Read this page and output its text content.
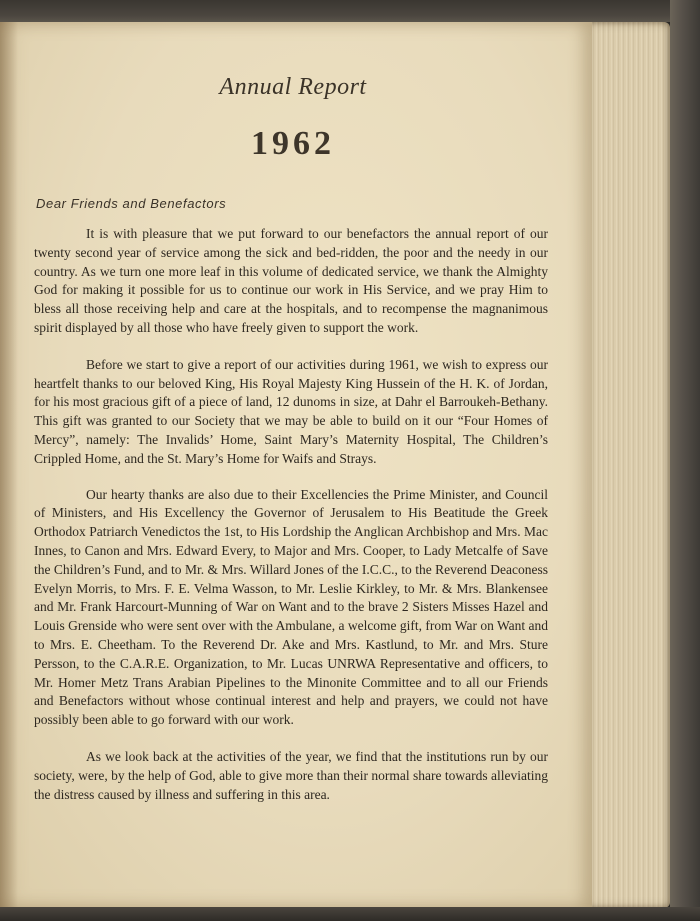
Annual Report
1962
Dear Friends and Benefactors

It is with pleasure that we put forward to our benefactors the annual report of our twenty second year of service among the sick and bed-ridden, the poor and the needy in our country. As we turn one more leaf in this volume of dedicated service, we thank the Almighty God for making it possible for us to continue our work in His Service, and we pray Him to bless all those receiving help and care at the hospitals, and to recompense the magnanimous spirit displayed by all those who have freely given to support the work.

Before we start to give a report of our activities during 1961, we wish to express our heartfelt thanks to our beloved King, His Royal Majesty King Hussein of the H. K. of Jordan, for his most gracious gift of a piece of land, 12 dunoms in size, at Dahr el Barroukeh-Bethany. This gift was granted to our Society that we may be able to build on it our “Four Homes of Mercy”, namely: The Invalids’ Home, Saint Mary’s Maternity Hospital, The Children’s Crippled Home, and the St. Mary’s Home for Waifs and Strays.

Our hearty thanks are also due to their Excellencies the Prime Minister, and Council of Ministers, and His Excellency the Governor of Jerusalem to His Beatitude the Greek Orthodox Patriarch Venedictos the 1st, to His Lordship the Anglican Archbishop and Mrs. Mac Innes, to Canon and Mrs. Edward Every, to Major and Mrs. Cooper, to Lady Metcalfe of Save the Children’s Fund, and to Mr. & Mrs. Willard Jones of the I.C.C., to the Reverend Deaconess Evelyn Morris, to Mrs. F. E. Velma Wasson, to Mr. Leslie Kirkley, to Mr. & Mrs. Blankensee and Mr. Frank Harcourt-Munning of War on Want and to the brave 2 Sisters Misses Hazel and Louis Grenside who were sent over with the Ambulane, a welcome gift, from War on Want and to Mrs. E. Cheetham. To the Reverend Dr. Ake and Mrs. Kastlund, to Mr. and Mrs. Sture Persson, to the C.A.R.E. Organization, to Mr. Lucas UNRWA Representative and officers, to Mr. Homer Metz Trans Arabian Pipelines to the Minonite Committee and to all our Friends and Benefactors without whose continual interest and help and prayers, we could not have possibly been able to go forward with our work.

As we look back at the activities of the year, we find that the institutions run by our society, were, by the help of God, able to give more than their normal share towards alleviating the distress caused by illness and suffering in this area.
